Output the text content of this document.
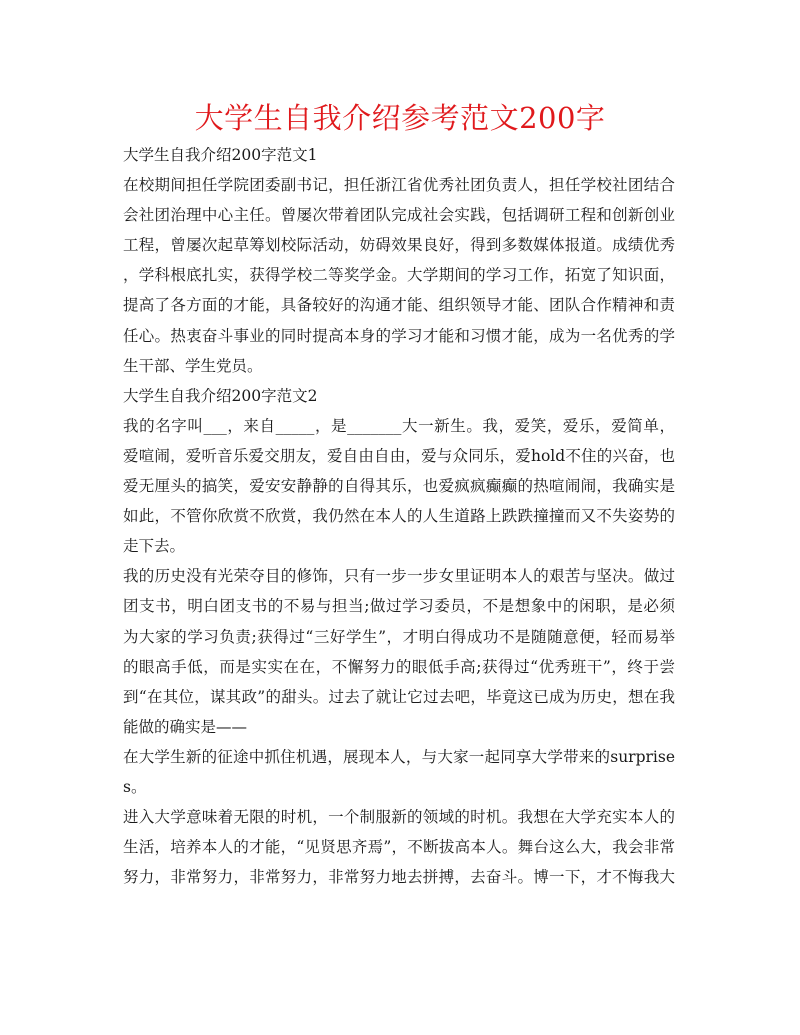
大学生自我介绍参考范文200字
大学生自我介绍200字范文1
在校期间担任学院团委副书记，担任浙江省优秀社团负责人，担任学校社团结合
会社团治理中心主任。曾屡次带着团队完成社会实践，包括调研工程和创新创业
工程，曾屡次起草筹划校际活动，妨碍效果良好，得到多数媒体报道。成绩优秀
，学科根底扎实，获得学校二等奖学金。大学期间的学习工作，拓宽了知识面，
提高了各方面的才能，具备较好的沟通才能、组织领导才能、团队合作精神和责
任心。热衷奋斗事业的同时提高本身的学习才能和习惯才能，成为一名优秀的学
生干部、学生党员。
大学生自我介绍200字范文2
我的名字叫___，来自_____，是_______大一新生。我，爱笑，爱乐，爱简单，
爱喧闹，爱听音乐爱交朋友，爱自由自由，爱与众同乐，爱hold不住的兴奋，也
爱无厘头的搞笑，爱安安静静的自得其乐，也爱疯疯癫癫的热喧闹闹，我确实是
如此，不管你欣赏不欣赏，我仍然在本人的人生道路上跌跌撞撞而又不失姿势的
走下去。
我的历史没有光荣夺目的修饰，只有一步一步女里证明本人的艰苦与坚决。做过
团支书，明白团支书的不易与担当;做过学习委员，不是想象中的闲职，是必须
为大家的学习负责;获得过“三好学生”，才明白得成功不是随随意便，轻而易举
的眼高手低，而是实实在在，不懈努力的眼低手高;获得过“优秀班干”，终于尝
到“在其位，谋其政”的甜头。过去了就让它过去吧，毕竟这已成为历史，想在我
能做的确实是——
在大学生新的征途中抓住机遇，展现本人，与大家一起同享大学带来的surprise
s。
进入大学意味着无限的时机，一个制服新的领域的时机。我想在大学充实本人的
生活，培养本人的才能，“见贤思齐焉”，不断拔高本人。舞台这么大，我会非常
努力，非常努力，非常努力，非常努力地去拼搏，去奋斗。博一下，才不悔我大
